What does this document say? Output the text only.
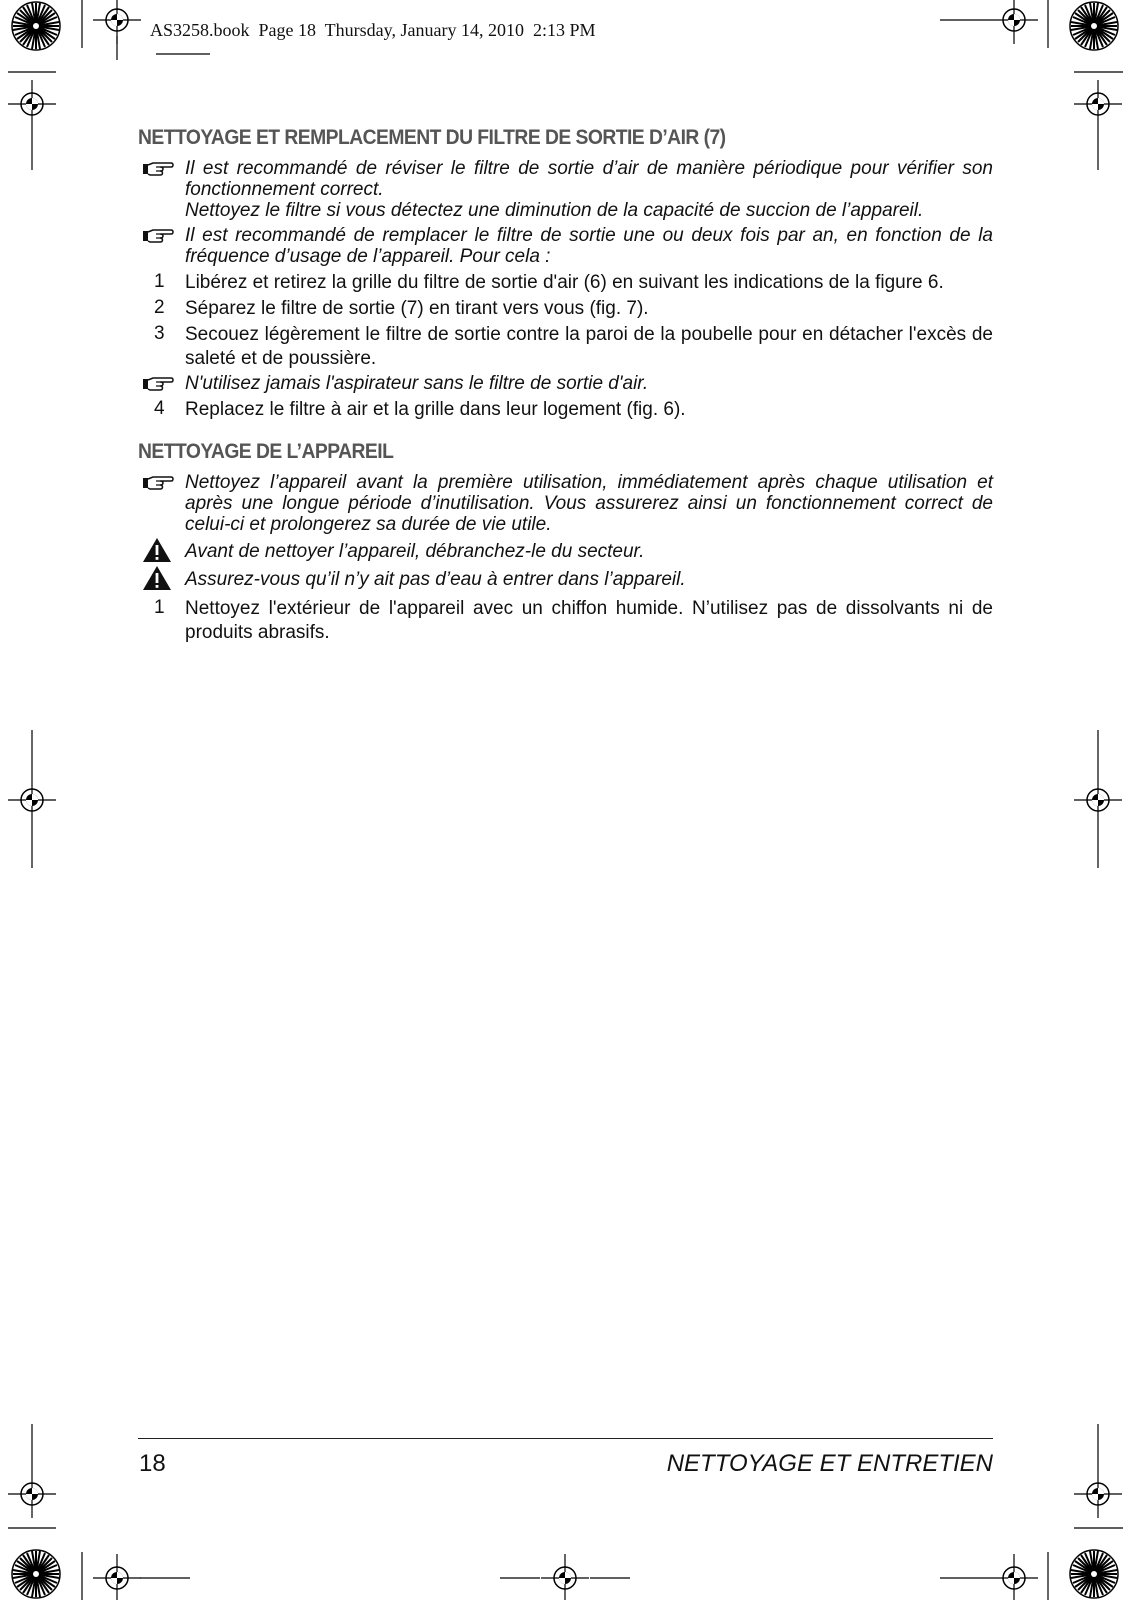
AS3258.book  Page 18  Thursday, January 14, 2010  2:13 PM
NETTOYAGE ET REMPLACEMENT DU FILTRE DE SORTIE D’AIR (7)
Il est recommandé de réviser le filtre de sortie d’air de manière périodique pour vérifier son fonctionnement correct.
Nettoyez le filtre si vous détectez une diminution de la capacité de succion de l’appareil.
Il est recommandé de remplacer le filtre de sortie une ou deux fois par an, en fonction de la fréquence d’usage de l’appareil. Pour cela :
1	Libérez et retirez la grille du filtre de sortie d'air (6) en suivant les indications de la figure 6.
2	Séparez le filtre de sortie (7) en tirant vers vous (fig. 7).
3	Secouez légèrement le filtre de sortie contre la paroi de la poubelle pour en détacher l'excès de saleté et de poussière.
N'utilisez jamais l'aspirateur sans le filtre de sortie d'air.
4	Replacez le filtre à air et la grille dans leur logement (fig. 6).
NETTOYAGE DE L’APPAREIL
Nettoyez l’appareil avant la première utilisation, immédiatement après chaque utilisation et après une longue période d’inutilisation. Vous assurerez ainsi un fonctionnement correct de celui-ci et prolongerez sa durée de vie utile.
Avant de nettoyer l’appareil, débranchez-le du secteur.
Assurez-vous qu’il n’y ait pas d’eau à entrer dans l’appareil.
1	Nettoyez l'extérieur de l'appareil avec un chiffon humide. N’utilisez pas de dissolvants ni de produits abrasifs.
18	NETTOYAGE ET ENTRETIEN
